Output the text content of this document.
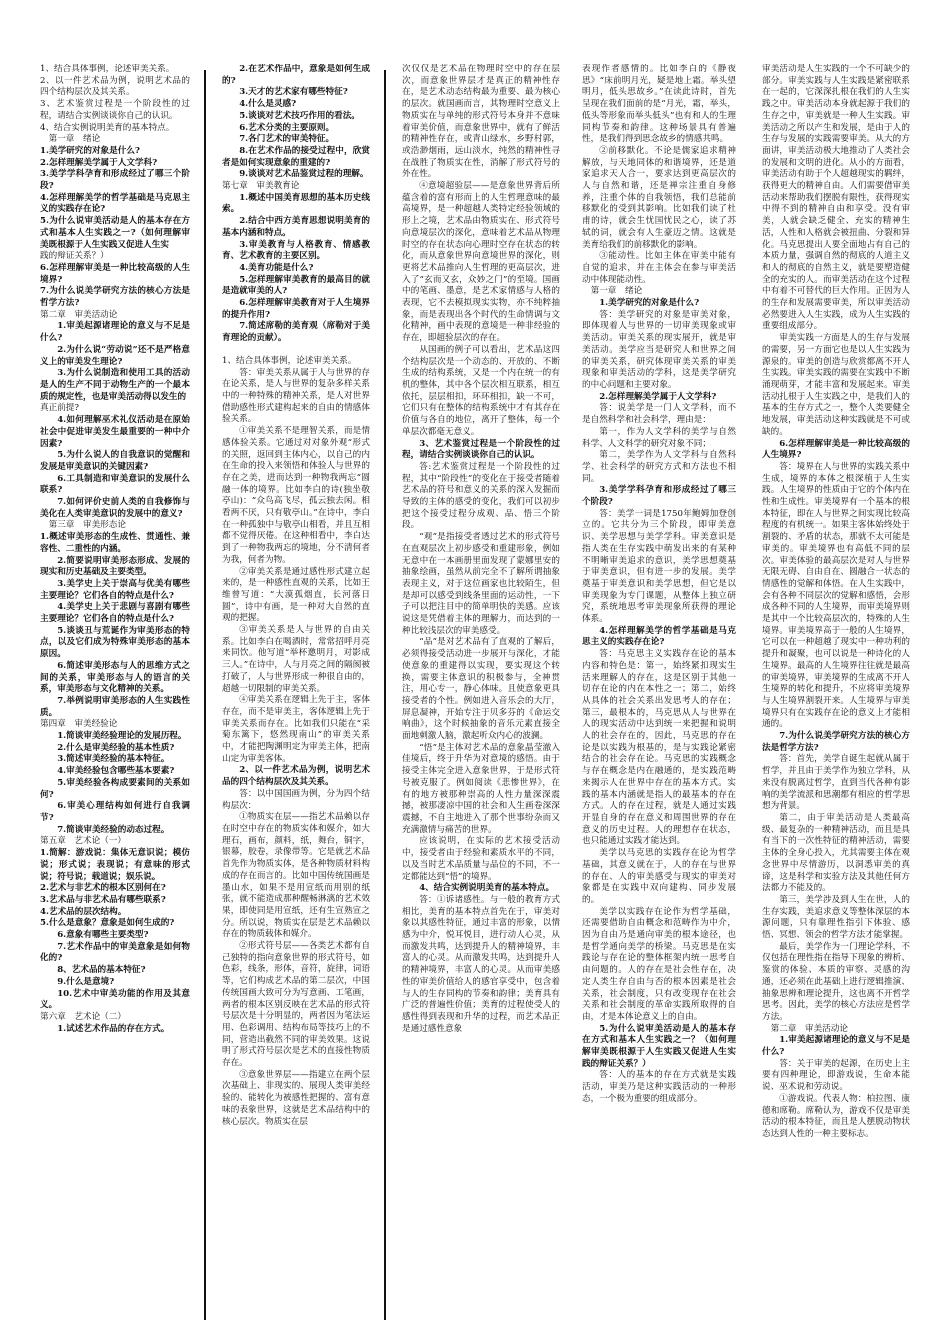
1、结合具体事例，论述审美关系。
2、以一件艺术品为例，说明艺术品的四个结构层次及其关系。
3、艺术鉴赏过程是一个阶段性的过程，请结合实例谈谈你自己的认识。
4、结合实例说明美育的基本特点。
第一章　绪论
1.美学研究的对象是什么?
2.怎样理解美学属于人文学科?
3.美学学科孕育和形成经过了哪三个阶段?
4.怎样理解美学的哲学基础是马克思主义的实践存在论?
5.为什么说审美活动是人的基本存在方式和基本人生实践之一?（如何理解审美既根源于人生实践又促进人生实
践的辩证关系？）
6.怎样理解审美是一种比较高级的人生境界?
7.为什么说美学研究方法的核心方法是哲学方法?
第二章　审美活动论
1.审美起源诸理论的意义与不足是什么?
2.为什么说“劳动说”还不是严格意义上的审美发生理论?
3.为什么说制造和使用工具的活动是人的生产不同于动物生产的一个最本质的规定性，也是审美活动得以发生的
真正前提?
4.如何理解巫术礼仪活动是在原始社会中促进审美发生最重要的一种中介因素?
5.为什么说人的自我意识的觉醒和发展是审美意识的关键因素?
6.工具制造和审美意识的发展什么联系?
7.如何评价史前人类的自我修饰与美化在人类审美意识的发展中的意义?
第三章　审美形态论
1.概述审美形态的生成性、贯通性、兼容性、二重性的内涵。
2.简要说明审美形态形成、发展的现实和历史基础及主要类型。
3.美学史上关于崇高与优美有哪些主要理论？它们各自的特点是什么?
4.美学史上关于悲剧与喜剧有哪些主要理论？它们各自的特点是什么?
5.谈谈丑与荒诞作为审美形态的特点，以及它们成为特殊审美形态的基本原因。
6.简述审美形态与人的思维方式之间的关系，审美形态与人的语言的关系，审美形态与文化精神的关系。
7.举例说明审美形态的人生实践性质。
第四章　审美经验论
1.简谈审美经验理论的发展历程。
2.什么是审美经验的基本性质?
3.简述审美经验的基本特征。
4.审美经验包含哪些基本要素?
5.审美经验各构成要素间的关系如何?
6.审美心理结构如何进行自我调节?
7.简谈审美经验的动态过程。
第五章　艺术论（一）
1.简解：游戏说：集体无意识说；模仿说；形式说；表现说；有意味的形式说；符号说；载道说；娱乐说。
2.艺术与非艺术的根本区别何在?
3.艺术品与非艺术品有哪些联系?
4.艺术品的层次结构。
5.什么是意象？意象是如何生成的?
6.意象有哪些主要类型?
7.艺术作品中的审美意象是如何物化的?
8、艺术品的基本特征?
9.什么是意境?
10.艺术中审美功能的作用及其意义。
第六章　艺术论（二）
1.试述艺术作品的存在方式。
2.在艺术作品中，意象是如何生成的?
3.天才的艺术家有哪些特征?
4.什么是灵感?
5.谈谈对艺术技巧作用的看法。
6.艺术分类的主要原则。
7.各门艺术的审美特征。
8.在艺术作品的接受过程中，欣赏者是如何实现意象的重建的?
9.谈谈对艺术品鉴赏过程的理解。
第七章　审美教育论
1.概述中国美育思想的基本历史线索。
2.结合中西方美育思想说明美育的基本内涵和特点。
3.审美教育与人格教育、情感教育、艺术教育的主要区别。
4.美育功能是什么?
5.怎样理解审美教育的最高目的就是造就审美的人?
6.怎样理解审美教育对于人生境界的提升作用?
7.简述席勒的美育观（席勒对于美育理论的贡献）。
1、结合具体事例，论述审美关系。
答：审美关系从属于人与世界的存在论关系，是人与世界的复杂多样关系中的一种特殊的精神关系，是人对世界借助感性形式建构起来的自由的情感体验关系。
①审美关系不是理智关系，而是情感体验关系。它通过对对象外观“形式的关照，返回到主体内心，以自己的内在生命的投入来领悟和体验人与世界的存在之美，进而达到一种物我两忘“圆融一体的境界。比如李白的诗(独坐敬亭山)：“众鸟高飞尽，孤云独去闲。相看两不厌，只有敬亭山。”在诗中，李白在一种孤独中与敬亭山相看，并且互相都不觉得厌倦。在这种相看中，李白达到了一种物我两忘的境地，分不清何者为我，何者为物。
②审美关系是通过感性形式建立起来的，是一种感性直观的关系，比如王维曾写道：“大漠孤烟直，长河落日圆”，诗中有画，是一种对大自然的直观的把握。
③审美关系是人与世界的自由关系。比如李白在喝酒时，常常招呼月亮来同饮。他写道“举杯邀明月，对影成三人。”在诗中，人与月亮之间的隔阂被打破了，人与世界形成一种很自由的，超越一切限制的审美关系。
④审美关系在逻辑上先于主，客体存在，而不是审美主，客体逻辑上先于审美关系而存在。比如我们只能在“采菊东篱下，悠然现南山”的审美关系中，才能把陶渊明定为审美主体，把南山定为审美客体。
2、以一件艺术品为例，说明艺术品的四个结构层次及其关系。
答：以中国国画为例，分为四个结构层次：
①物质实在层——指艺术品赖以存在时空中存在的物质实体和媒介，如大理石，画布，颜料，纸，舞台，铜字，银幕，胶卷，录像带等。它是就艺术品首先作为物质实体，是各种物质材料构成的存在而言的。比如中国传统国画是墨山水，如果不是用宣纸而用别的纸张，就不能造成那种醒畅淋漓的艺术效果，即使同是用宣纸，还有生宣熟宣之分。所以说，物质实在层是艺术品赖以存在的物质载体和媒介。
②形式符号层——各类艺术都有自己独特的指向意象世界的形式符号，如色彩，线条，形体，音符，旋律，词语等，它们构成艺术品的第二层次，中国传统国画大致可分为写意画、工笔画，两者的根本区别反映在艺术品的形式符号层次是十分明显的，两者因为笔法运用、色彩调用、结构布局等技巧上的不同，营造出截然不同的审美效果。这说明了形式符号层次是艺术的直接性物质存在。
③意象世界层——指建立在两个层次基础上、非现实的、展现人类审美经验的、能转化为被感性把握的、富有意味的表象世界，这就是艺术品结构中的核心层次。物质实在层
次仅仅是艺术品在物理时空中的存在层次，而意象世界层才是真正的精神性存在，是艺术动态结构最为重要、最为核心的层次。就国画而言，其物理时空意义上物质实在与单纯的形式符号本身并不意味着审美价值，而意象世界中，就有了鲜活的精神性存在，或青山绿水，乡野村郭，或浩渺烟雨，远山淡水，纯然的精神性寻在战胜了物质实在性，消解了形式符号的外在性。
④意境超验层——是意象世界背后所蕴含着的富有形而上的人生哲理意味的最高境界，是一种超越人类特定经验领域的形上之境，艺术品由物质实在、形式符号向意境层次的深化，意味着艺术品从物理时空的存在状态向心理时空存在状态的转化，而从意象世界向意境世界的深化，则更将艺术品推向人生哲理的更高层次，进入了“玄而又玄，众妙之门”的至境。国画中的笔画、墨意，是艺术家情感与人格的表现，它不去模拟现实实物，亦不纯粹抽象，而是表现出各个时代的生命情调与文化精神，画中表现的意境是一种非经验的存在，即超验层次的存在。
从国画的例子可以看出，艺术品这四个结构层次是一个动态的、开放的、不断生成的结构系统，又是一个内在统一的有机的整体，其中各个层次相互联系，相互依托，层层相扣，环环相扣，缺一不可，它们只有在整体的结构系统中才有其存在价值与各自的地位，离开了整体，每一个单层次都毫无意义。
3、艺术鉴赏过程是一个阶段性的过程，请结合实例谈谈你自己的认识。
答:艺术鉴赏过程是一个阶段性的过程，其中“阶段性”的变化在于接受者随着艺术品的符号和意义的关系的深入发掘而导致的主体的感受的变化，我们可以初步把这个接受过程分成观、品、悟三个阶段。
“观”是指接受者透过艺术的形式符号在直观层次上初步感受和重建形象，例如无意中在一本画册里面发现了蒙娜里安的抽象绘画，虽然从前完全不了解所谓抽象表现主义，对于这位画家也比较陌生，但是却可以感受到线条里面的运动性，一下子可以把注目中的简单明快的美感。应该说这是凭借着主体的理解力，而达到的一种比较浅层次的审美感受。
“品”是对艺术品有了直观的了解后，必须得接受活动进一步展开与深化，才能使意象的重建得以实现，要实现这个转换，需要主体意识的积极参与，全神贯注，用心专一，静心体味。且使意象更具接受者的个性。例如进入音乐会的大厅，屏息凝神，开始专注于贝多芬的《命运交响曲》，这个时候抽象的音乐元素直接全面地刺激人脑，激起听众内心的波澜。
“悟”是主体对艺术品的意象晶莹澈入佳境后，终于升华为对意境的感悟。由于接受主体完全进入意象世界，于是形式符号被克服了。例如阅读《悲惨世界》，在有的地方被那种崇高的人性力量深深震撼，被那凄凉中国的社会和人生画卷深深震撼，不自主地进入了那个世事纷杂而又充满激情与痛苦的世界。
应该说明，在实际的艺术接受活动中，接受者由于经验和素质水平的不同，以及当时艺术品质量与品位的不同，不一定都能达到“悟”的境界。
4、结合实例说明美育的基本特点。
答：①诉诸感性。与一般的教育方式相比，美育的基本特点首先在于，审美对象以其感性特征，通过丰富的形象，以情感为中介，悦耳悦目，进行动人心灵，从而激发共鸣，达到提升人的精神境界，丰富人的心灵。从而激发共鸣，达到提升人的精神境界，丰富人的心灵。从而审美感性的审美价值给人的感官享受中，包含着与人的生存同构的节奏和韵律；美育具有广泛的普遍性价值；美育的过程使受人的感性得到表现和升华的过程，而艺术品正是通过感性意象
表现作者感情的。比如李白的《静夜思》“床前明月光，疑是地上霜。举头望明月，低头思故乡。”在读此诗时，首先呈现在我们面前的是“月光，霜，举头，低头等形象而举头低头”也有和人的生理同构节奏和韵律。这种场景具有普遍性，是我们得到思念故乡的情感共鸣。
②前移默化。不论是儒家追求精神解放，与天地同体的和谐境界，还是道家追求天人合一，要求达到更高层次的人与自然和谐，还是禅宗注重自身修养，注重个体的自我领悟，我们总能前移默化的受到其影响。比如我们读了杜甫的诗，就会生忧国忧民之心，读了苏轼的词，就会有人生豪迈之情。这就是美育给我们的前移默化的影响。
③能动性。比如主体在审美中能有自觉的追求，并在主体会在参与审美活动中体现能动性。
第一章　绪论
1.美学研究的对象是什么?
答：美学研究的对象是审美对象，即体现着人与世界的一切审美现象或审美活动。审美关系的现实展开，就是审美活动。美学应当是研究人和世界之间的审美关系，研究体现审美关系的审美现象和审美活动的学科，这是美学研究的中心问题和主要对象。
2.怎样理解美学属于人文学科?
答：说美学是一门人文学科，而不是自然科学和社会科学，理由是：
第一，作为人文学科的美学与自然科学、人文科学的研究对象不同；
第二，美学作为人文学科与自然科学、社会科学的研究方式和方法也不相同。
3.美学学科孕育和形成经过了哪三个阶段?
答：美学一词是1750年鲍姆加登创立的。它共分为三个阶段，即审美意识、美学思想与美学学科。审美意识是指人类在生存实践中萌发出来的有某种不明晰审美追求的意识，美学思想奠基于审美意识，但有进一步的发展。美学奠基于审美意识和美学思想，但它是以审美现象为专门课题，从整体上独立研究，系统地思考审美现象所获得的理论体系。
4.怎样理解美学的哲学基础是马克思主义的实践存在论?
答：马克思主义实践存在论的基本内容和特色是：第一，始终紧扣现实生活来理解人的存在，这是区别于其他一切存在论的内在本性之一；第二，始终从具体的社会关系出发思考人的存在；第三，最根本的，马克思从人与世界在人的现实活动中达到统一来把握和说明人的社会存在的，因此，马克思的存在论是以实践为根基的，是与实践论紧密结合的社会存在论。马克思的实践概念与存在概念是内在融通的，是实践范畴来揭示人在世界中存在的基本方式。实践的基本内涵就是指人的最基本的存在方式。人的存在过程，就是人通过实践开显自身的存在意义和周围世界的存在意义的历史过程。人的理想存在状态，也只能通过实践才能达到。
美学以马克思的实践存在论为哲学基础，其意义就在于，人的存在与世界的存在、人的审美感受与现实的审美对象都是在实践中双向建构、同步发展的。
美学以实践存在论作为哲学基础，还需要借助自由概念和范畴作为中介，因为自由乃是通向审美的根本途径，也是哲学通向美学的桥梁。马克思是在实践论与存在论的整体框架内统一思考自由问题的。人的存在是社会性存在，决定人类生存自由与否的根本因素是社会关系，社会制度，只有改变现存在社会关系和社会制度的革命实践所取得的自由，才是本体论意义上的自由。
5.为什么说审美活动是人的基本存在方式和基本人生实践之一？（如何理解审美既根源于人生实践又促进人生实践的辩证关系？）
答：人的基本的存在方式就是实践活动，审美乃是这种实践活动的一种形态，一个极为重要的组成部分。
审美活动是人生实践的一个不可缺少的部分。审美实践与人生实践是紧密联系在一起的，它深深扎根在我们的人生实践之中。审美活动本身就起源于我们的生存之中，审美就是一种人生实践。审美活动之所以产生和发展，是由于人的生存与发展的实践需要审美。从大的方面讲，审美活动极大地推动了人类社会的发展和文明的进化。从小的方面看，审美活动有助于个人超越现实的羁绊，获得更大的精神自由。人们需要借审美活动来帮助我们摆脱有限性，获得现实中得不到的精神自由和享受。没有审美，人就会缺乏健全、充实的精神生活，人性和人格就会被扭曲、分裂和异化。马克思提出人要全面地占有自己的本质力量，强调自然的彻底的人道主义和人的彻底的自然主义，就是要塑造健全的充实的人。而审美活动在这个过程中有着不可替代的巨大作用。正因为人的生存和发展需要审美，所以审美活动必然要进入人生实践，成为人生实践的重要组成部分。
审美实践一方面是人的生存与发展的需要，另一方面它也是以人生实践为源泉的。审美的创造与欣赏都离不开人生实践。审美实践的需要在实践中不断涌现萌芽，才能丰富和发展起来。审美活动扎根于人生实践之中，是我们人的基本的生存方式之一，整个人类要健全地发展，审美活动这种实践就是不可或缺的。
6.怎样理解审美是一种比较高级的人生境界?
答：境界在人与世界的实践关系中生成，境界的本体之根深植于人生实践。人生境界的性质由于它的个体内在性和生成性。审美境界有一个基本的根本特征，即在人与世界之间实现比较高程度的有机统一。如果主客体始终处于割裂的、矛盾的状态，那就不太可能是审美的。审美境界也有高低不同的层次。审美体验的最高层次是对人与世界无限无碍、自由自在、圆融合一状态的情感性的觉解和体悟。在人生实践中，会有各种不同层次的觉解和感悟，会形成各种不同的人生境界，而审美境界则是其中一个比较高层次的，特殊的人生境界。审美境界高于一般的人生境界，它可以在一种超越了现实中一种功利的提升和凝聚，也可以说是一种诗化的人生境界。最高的人生境界往往就是最高的审美境界，审美境界的生成离不开人生境界的转化和提升，不应将审美境界与人生境界割裂开来。人生境界与审美境界只有在实践存在论的意义上才能相通的。
7.为什么说美学研究方法的核心方法是哲学方法?
答：首先，美学自诞生起就从属于哲学，并且由于美学作为独立学科，从来没有脱离过哲学，直到当代各种有影响的美学流派和思潮都有相应的哲学思想为背景。
第二，由于审美活动是人类最高级、最复杂的一种精神活动，而且是具有当下的一次性特征的精神活动，需要主体的全身心投入，尤其需要主体在观念世界中尽情游历，以洞悉审美的真谛，这是科学和实验方法及其他任何方法都力不能及的。
第三，美学涉及到人生在世，人的生存实践，美追求意义等整体深层的本源问题，只有靠理性指引下体验、感悟、冥想、领会的哲学方法才能掌握。
最后，美学作为一门理论学科，不仅包括在理性指在指导下现象的辨析、鉴赏的体验、本质的审察、灵感的沟通，还必须在此基础上进行逻辑推演、抽象思辨和理论提升，这也离不开哲学思考。因此，美学的核心方法应是哲学方法。
第二章　审美活动论
1.审美起源诸理论的意义与不足是什么?
答：关于审美的起源，在历史上主要有四种理论，即游戏说，生命本能说、巫术说和劳动说。
①游戏说。代表人物：柏拉图、康德和席勒。席勒认为，游戏不仅是审美活动的根本特征，而且是人摆脱动物状态达到人性的一种主要标志。
